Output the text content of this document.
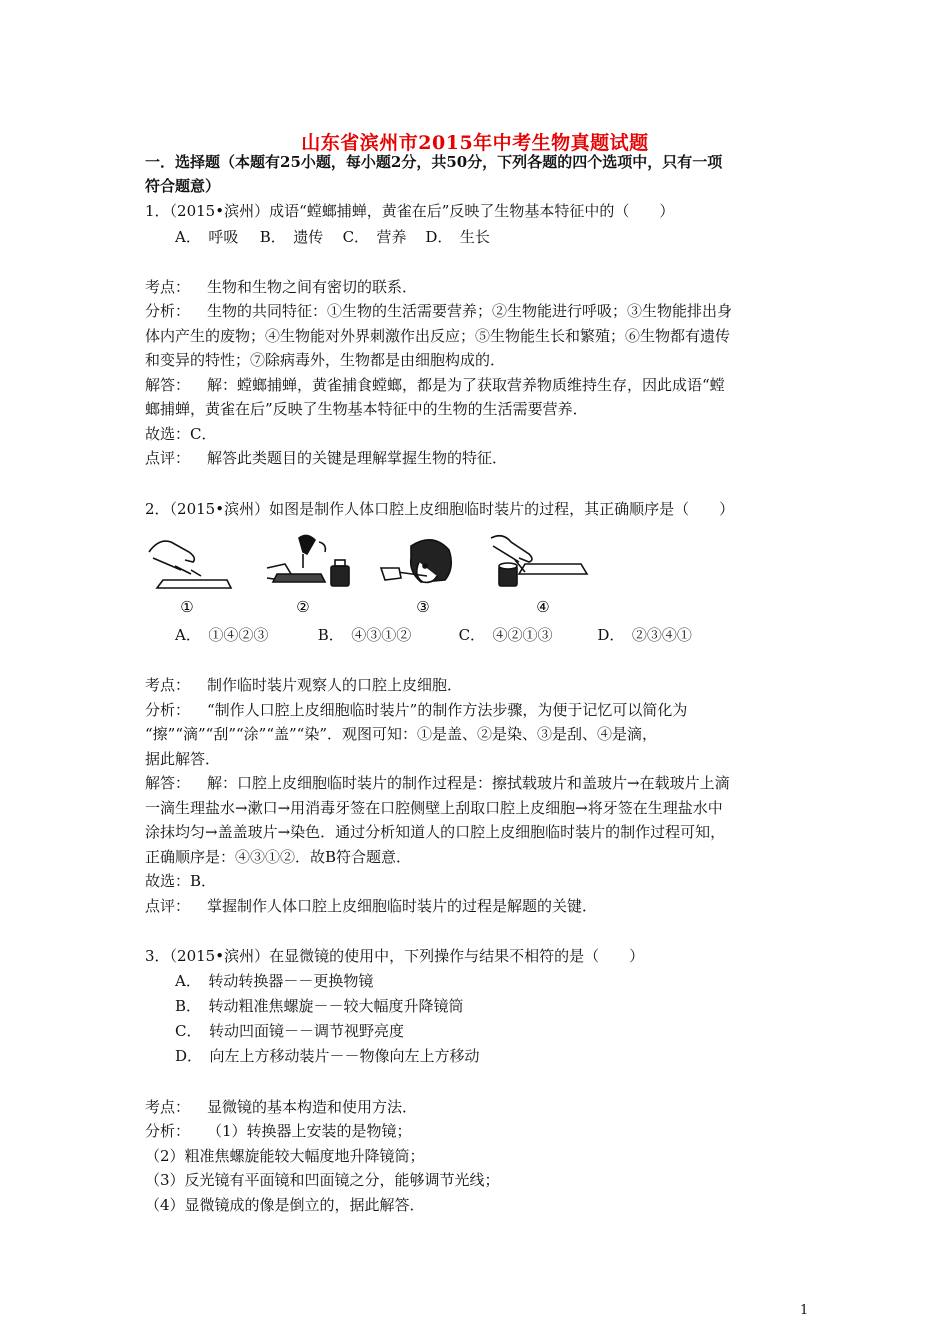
山东省滨州市2015年中考生物真题试题
一．选择题（本题有25小题，每小题2分，共50分，下列各题的四个选项中，只有一项
符合题意）
1．（2015•滨州）成语“螳螂捕蝉，黄雀在后”反映了生物基本特征中的（　　）
A．　呼吸 B．　遗传 C．　营养 D．　生长
考点： 生物和生物之间有密切的联系．
分析： 生物的共同特征：①生物的生活需要营养；②生物能进行呼吸；③生物能排出身
体内产生的废物；④生物能对外界刺激作出反应；⑤生物能生长和繁殖；⑥生物都有遗传
和变异的特性；⑦除病毒外，生物都是由细胞构成的．
解答： 解：螳螂捕蝉，黄雀捕食螳螂，都是为了获取营养物质维持生存，因此成语“螳
螂捕蝉，黄雀在后”反映了生物基本特征中的生物的生活需要营养．
故选：C．
点评： 解答此类题目的关键是理解掌握生物的特征．
2．（2015•滨州）如图是制作人体口腔上皮细胞临时装片的过程，其正确顺序是（　　）
①	②	③	④
A．　①④②③	B．　④③①②	C．　④②①③	D．　②③④①
考点： 制作临时装片观察人的口腔上皮细胞．
分析： “制作人口腔上皮细胞临时装片”的制作方法步骤，为便于记忆可以简化为
“擦”“滴”“刮”“涂”“盖”“染”．观图可知：①是盖、②是染、③是刮、④是滴，
据此解答．
解答： 解：口腔上皮细胞临时装片的制作过程是：擦拭载玻片和盖玻片→在载玻片上滴
一滴生理盐水→漱口→用消毒牙签在口腔侧壁上刮取口腔上皮细胞→将牙签在生理盐水中
涂抹均匀→盖盖玻片→染色．通过分析知道人的口腔上皮细胞临时装片的制作过程可知，
正确顺序是：④③①②．故B符合题意．
故选：B．
点评： 掌握制作人体口腔上皮细胞临时装片的过程是解题的关键．
3．（2015•滨州）在显微镜的使用中，下列操作与结果不相符的是（　　）
A．　转动转换器－－更换物镜
B．　转动粗准焦螺旋－－较大幅度升降镜筒
C．　转动凹面镜－－调节视野亮度
D．　向左上方移动装片－－物像向左上方移动
考点： 显微镜的基本构造和使用方法．
分析： （1）转换器上安装的是物镜；
（2）粗准焦螺旋能较大幅度地升降镜筒；
（3）反光镜有平面镜和凹面镜之分，能够调节光线；
（4）显微镜成的像是倒立的，据此解答．
1
